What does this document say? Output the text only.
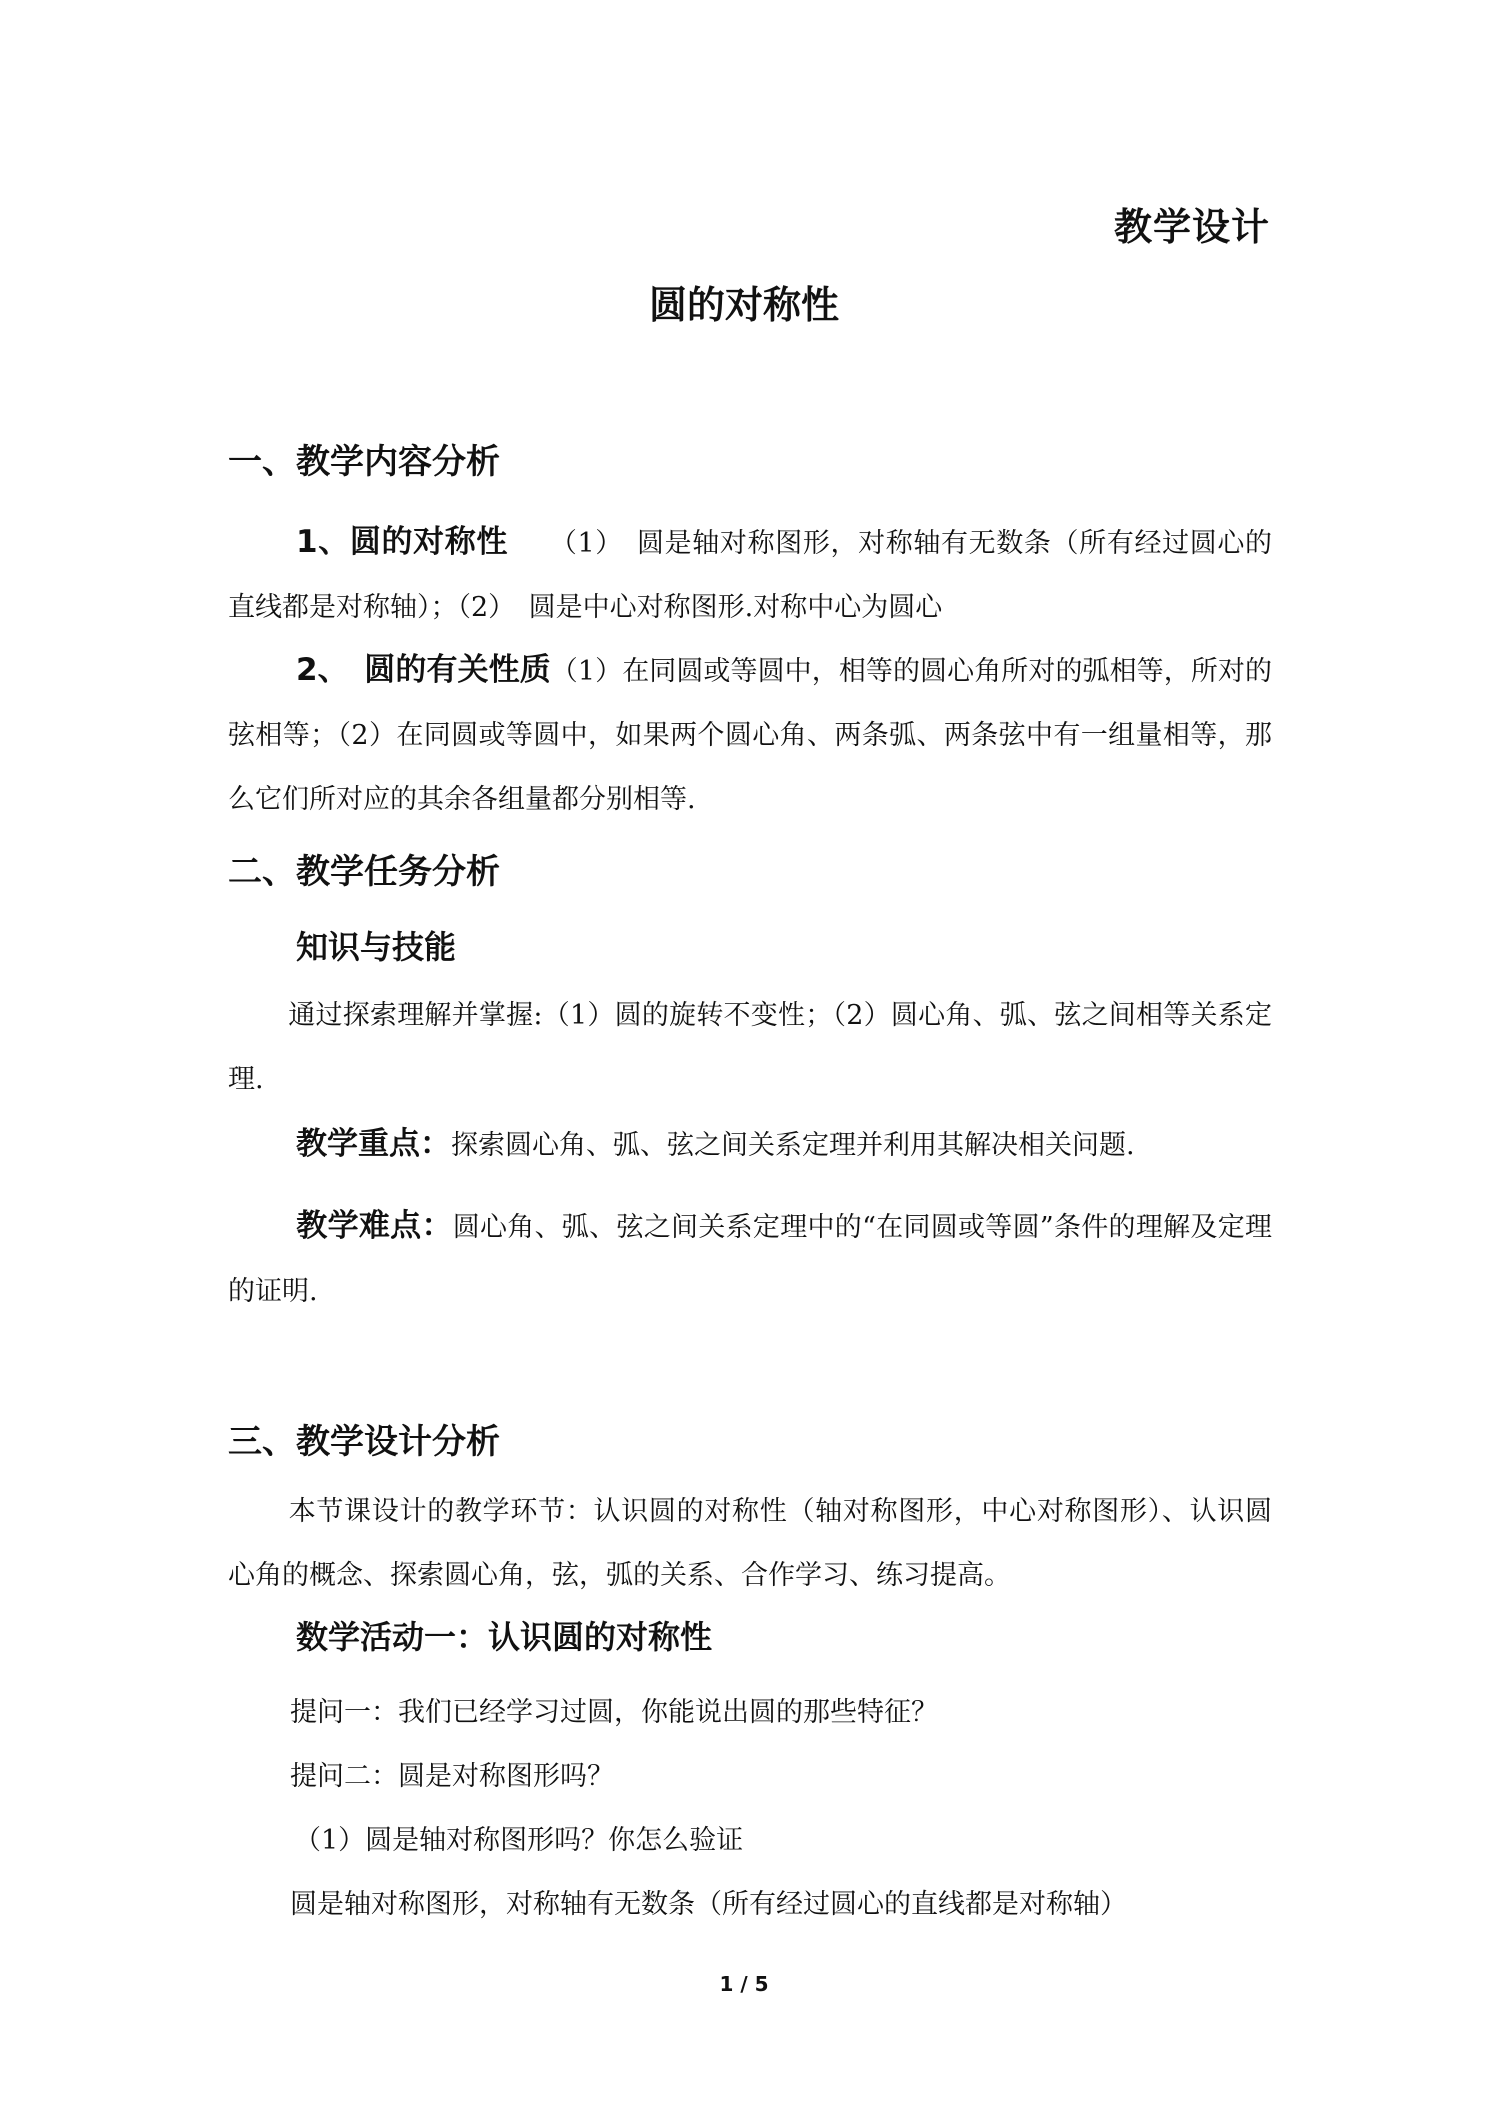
教学设计
圆的对称性
一、教学内容分析
1、圆的对称性　　 （1）　圆是轴对称图形，对称轴有无数条（所有经过圆心的直线都是对称轴）；（2）　圆是中心对称图形.对称中心为圆心
2、　圆的有关性质（1）在同圆或等圆中，相等的圆心角所对的弧相等，所对的弦相等；（2）在同圆或等圆中，如果两个圆心角、两条弧、两条弦中有一组量相等，那么它们所对应的其余各组量都分别相等.
二、教学任务分析
知识与技能
通过探索理解并掌握:（1）圆的旋转不变性；（2）圆心角、弧、弦之间相等关系定理.
教学重点：探索圆心角、弧、弦之间关系定理并利用其解决相关问题.
教学难点：圆心角、弧、弦之间关系定理中的“在同圆或等圆”条件的理解及定理的证明.
三、教学设计分析
本节课设计的教学环节：认识圆的对称性（轴对称图形，中心对称图形）、认识圆心角的概念、探索圆心角，弦，弧的关系、合作学习、练习提高。
数学活动一：认识圆的对称性
提问一：我们已经学习过圆，你能说出圆的那些特征？
提问二：圆是对称图形吗？
（1）圆是轴对称图形吗？你怎么验证
圆是轴对称图形，对称轴有无数条（所有经过圆心的直线都是对称轴）
1 / 5
